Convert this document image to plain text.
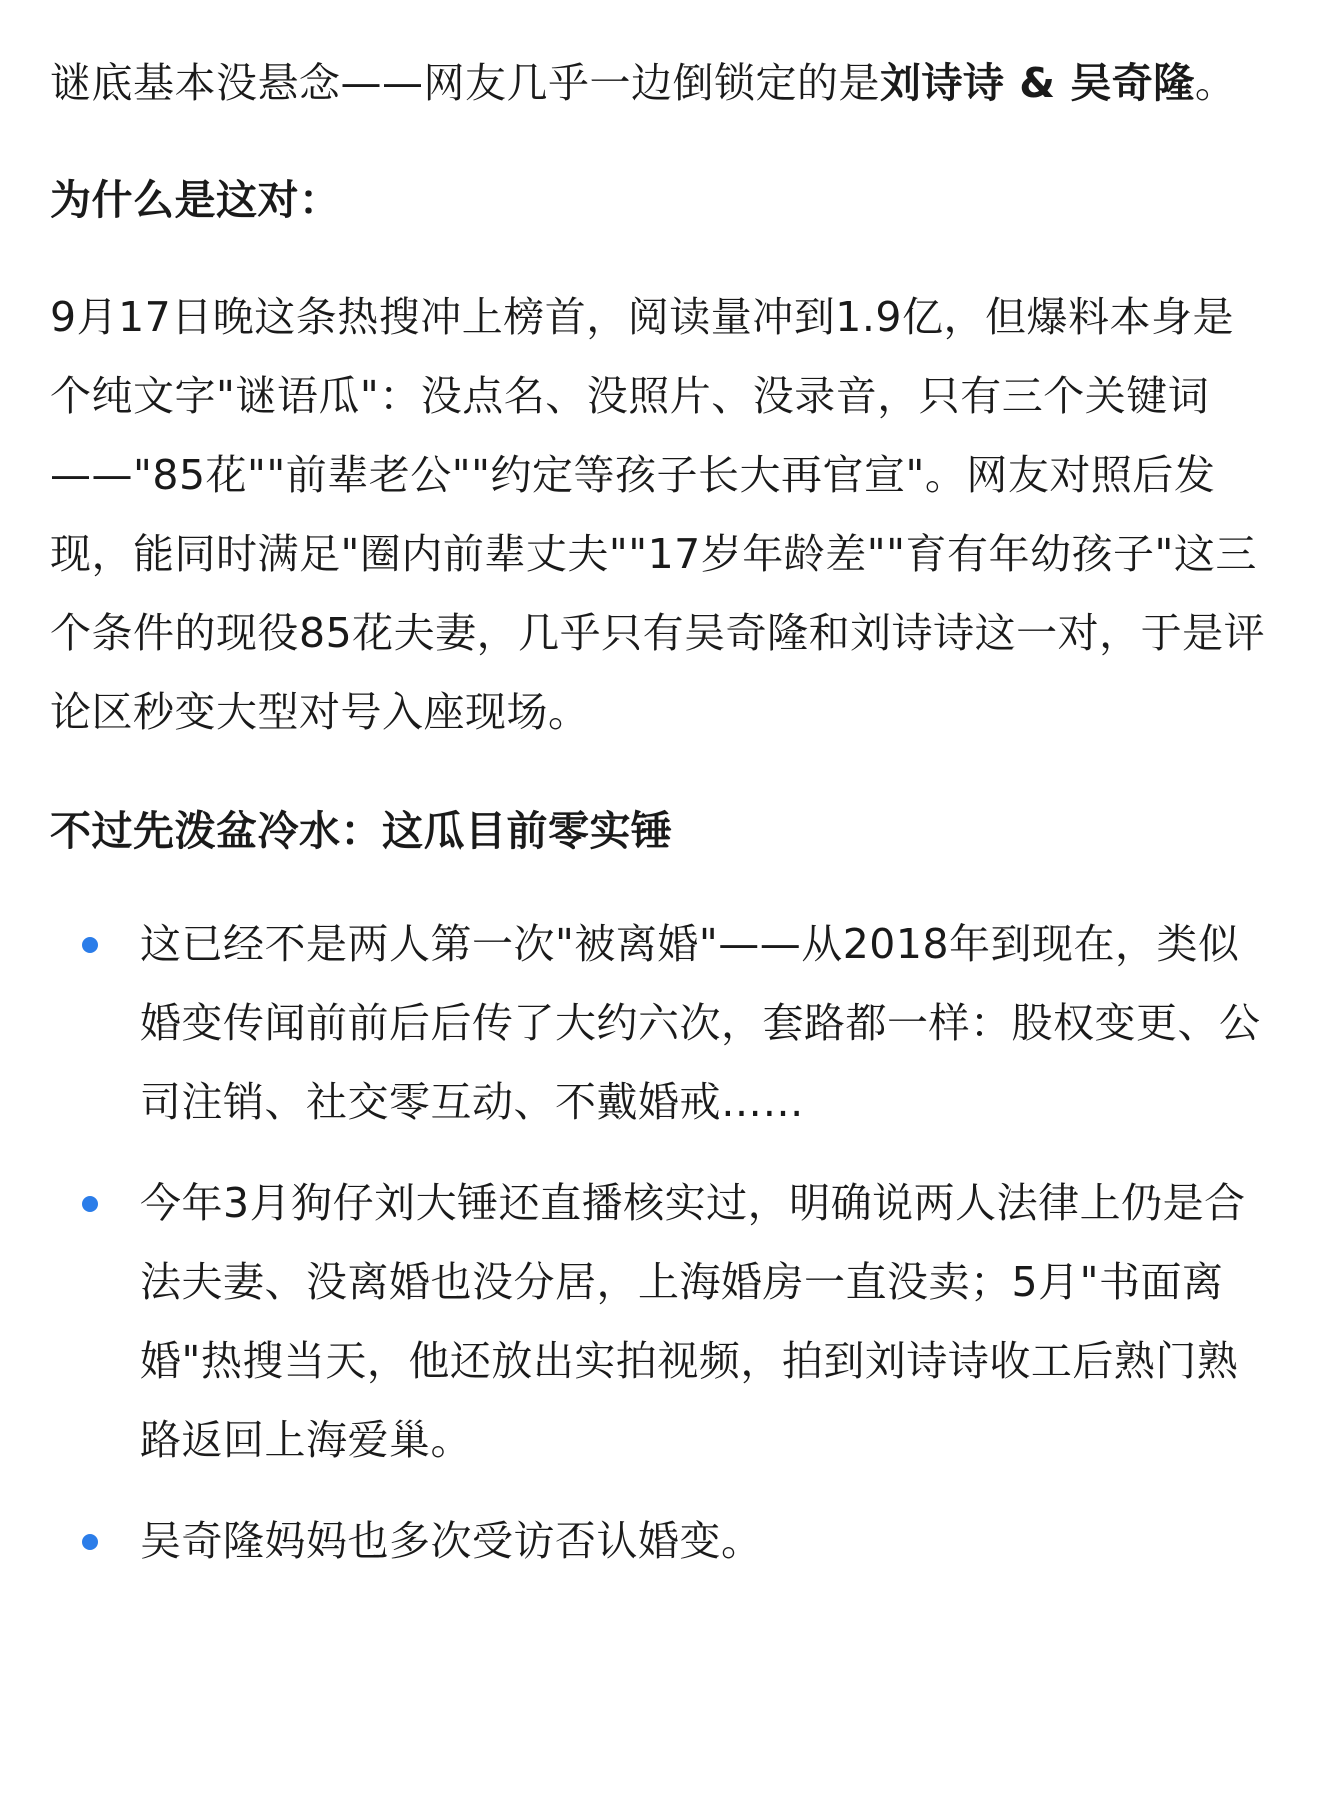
谜底基本没悬念——网友几乎一边倒锁定的是刘诗诗 & 吴奇隆。

为什么是这对：

9月17日晚这条热搜冲上榜首，阅读量冲到1.9亿，但爆料本身是个纯文字"谜语瓜"：没点名、没照片、没录音，只有三个关键词——"85花""前辈老公""约定等孩子长大再官宣"。网友对照后发现，能同时满足"圈内前辈丈夫""17岁年龄差""育有年幼孩子"这三个条件的现役85花夫妻，几乎只有吴奇隆和刘诗诗这一对，于是评论区秒变大型对号入座现场。

不过先泼盆冷水：这瓜目前零实锤

这已经不是两人第一次"被离婚"——从2018年到现在，类似婚变传闻前前后后传了大约六次，套路都一样：股权变更、公司注销、社交零互动、不戴婚戒……
今年3月狗仔刘大锤还直播核实过，明确说两人法律上仍是合法夫妻、没离婚也没分居，上海婚房一直没卖；5月"书面离婚"热搜当天，他还放出实拍视频，拍到刘诗诗收工后熟门熟路返回上海爱巢。
吴奇隆妈妈也多次受访否认婚变。
